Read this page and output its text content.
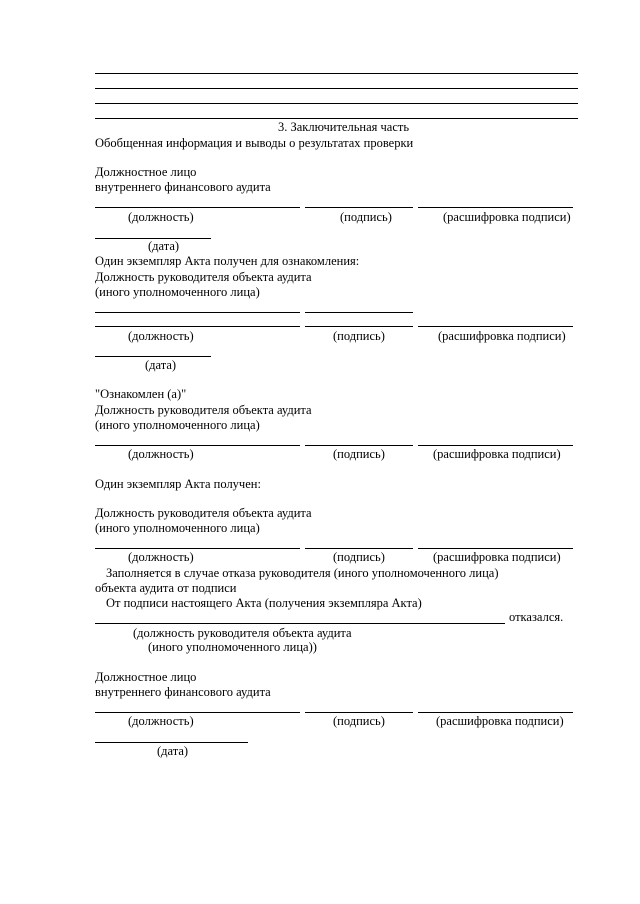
3. Заключительная часть
Обобщенная информация и выводы о результатах проверки
Должностное лицо
внутреннего финансового аудита
(должность)	(подпись)	(расшифровка подписи)
(дата)
Один экземпляр Акта получен для ознакомления:
Должность руководителя объекта аудита
(иного уполномоченного лица)
(должность)	(подпись)	(расшифровка подписи)
(дата)
"Ознакомлен (а)"
Должность руководителя объекта аудита
(иного уполномоченного лица)
(должность)	(подпись)	(расшифровка подписи)
Один экземпляр Акта получен:
Должность руководителя объекта аудита
(иного уполномоченного лица)
(должность)	(подпись)	(расшифровка подписи)
Заполняется в случае отказа руководителя (иного уполномоченного лица)
объекта аудита от подписи
От подписи настоящего Акта (получения экземпляра Акта)
отказался.
(должность руководителя объекта аудита
(иного уполномоченного лица))
Должностное лицо
внутреннего финансового аудита
(должность)	(подпись)	(расшифровка подписи)
(дата)
